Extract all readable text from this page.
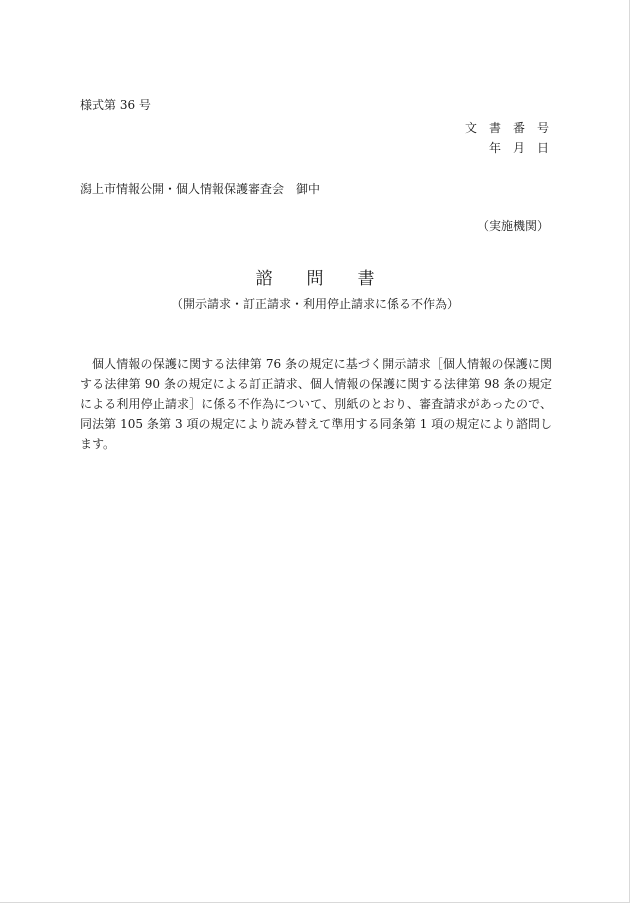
様式第 36 号
文　書　番　号
年　月　日
潟上市情報公開・個人情報保護審査会　御中
（実施機関）
諮　　問　　書
（開示請求・訂正請求・利用停止請求に係る不作為）
個人情報の保護に関する法律第 76 条の規定に基づく開示請求［個人情報の保護に関する法律第 90 条の規定による訂正請求、個人情報の保護に関する法律第 98 条の規定による利用停止請求］に係る不作為について、別紙のとおり、審査請求があったので、同法第 105 条第 3 項の規定により読み替えて準用する同条第 1 項の規定により諮問します。
